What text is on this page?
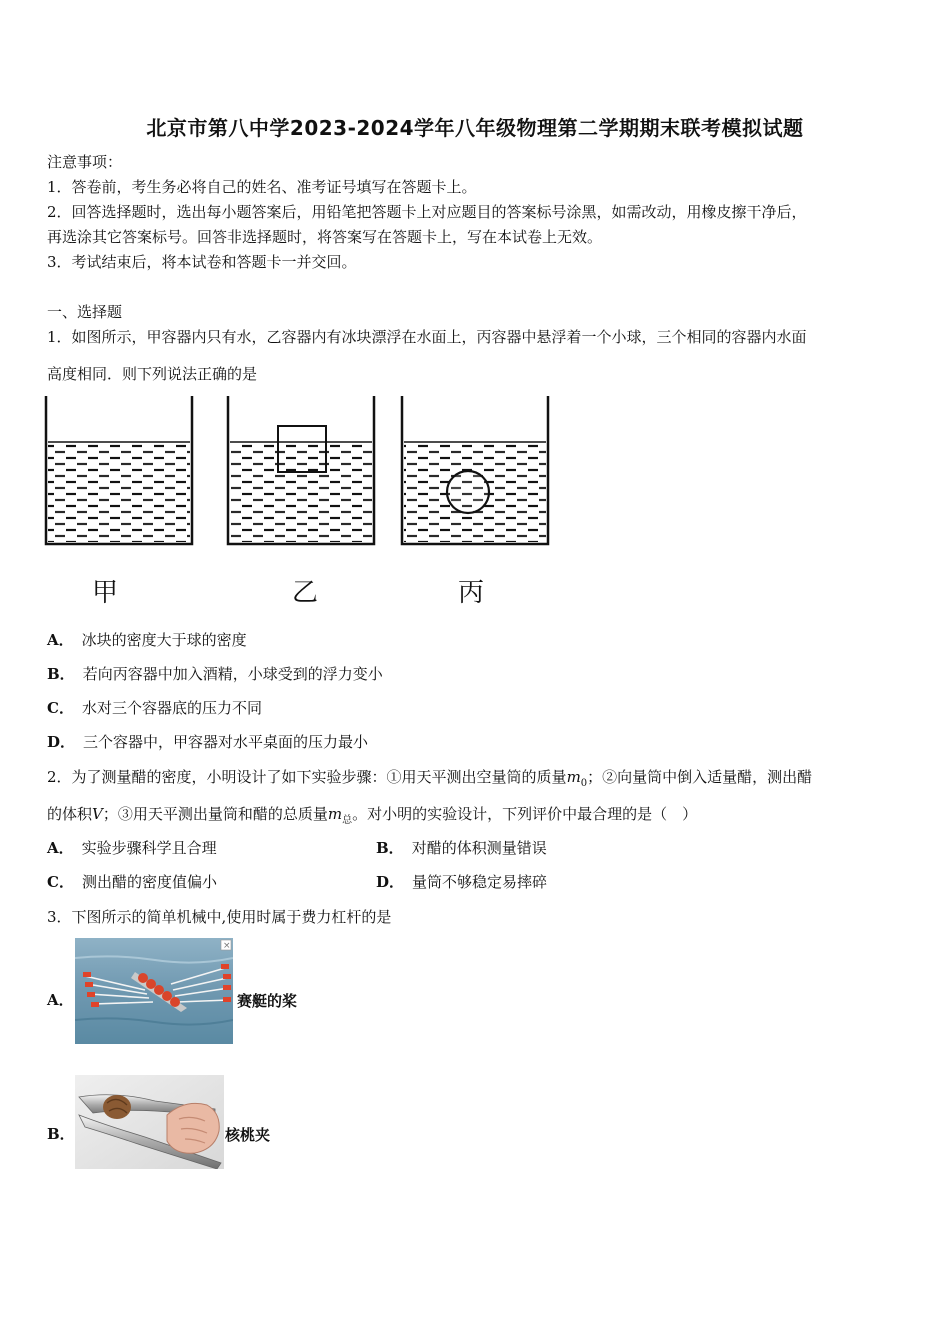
北京市第八中学2023-2024学年八年级物理第二学期期末联考模拟试题
注意事项：
1．答卷前，考生务必将自己的姓名、准考证号填写在答题卡上。
2．回答选择题时，选出每小题答案后，用铅笔把答题卡上对应题目的答案标号涂黑，如需改动，用橡皮擦干净后，
再选涂其它答案标号。回答非选择题时，将答案写在答题卡上，写在本试卷上无效。
3．考试结束后，将本试卷和答题卡一并交回。
一、选择题
1．如图所示，甲容器内只有水，乙容器内有冰块漂浮在水面上，丙容器中悬浮着一个小球，三个相同的容器内水面
高度相同．则下列说法正确的是
甲	乙	丙
A． 冰块的密度大于球的密度
B． 若向丙容器中加入酒精，小球受到的浮力变小
C． 水对三个容器底的压力不同
D． 三个容器中，甲容器对水平桌面的压力最小
2．为了测量醋的密度，小明设计了如下实验步骤：①用天平测出空量筒的质量$m_0$；②向量筒中倒入适量醋，测出醋
的体积V；③用天平测出量筒和醋的总质量$m_总$。对小明的实验设计，下列评价中最合理的是（　）
A． 实验步骤科学且合理	B． 对醋的体积测量错误
C． 测出醋的密度值偏小	D． 量筒不够稳定易摔碎
3．下图所示的简单机械中,使用时属于费力杠杆的是
A．
×
赛艇的桨
B．	核桃夹
